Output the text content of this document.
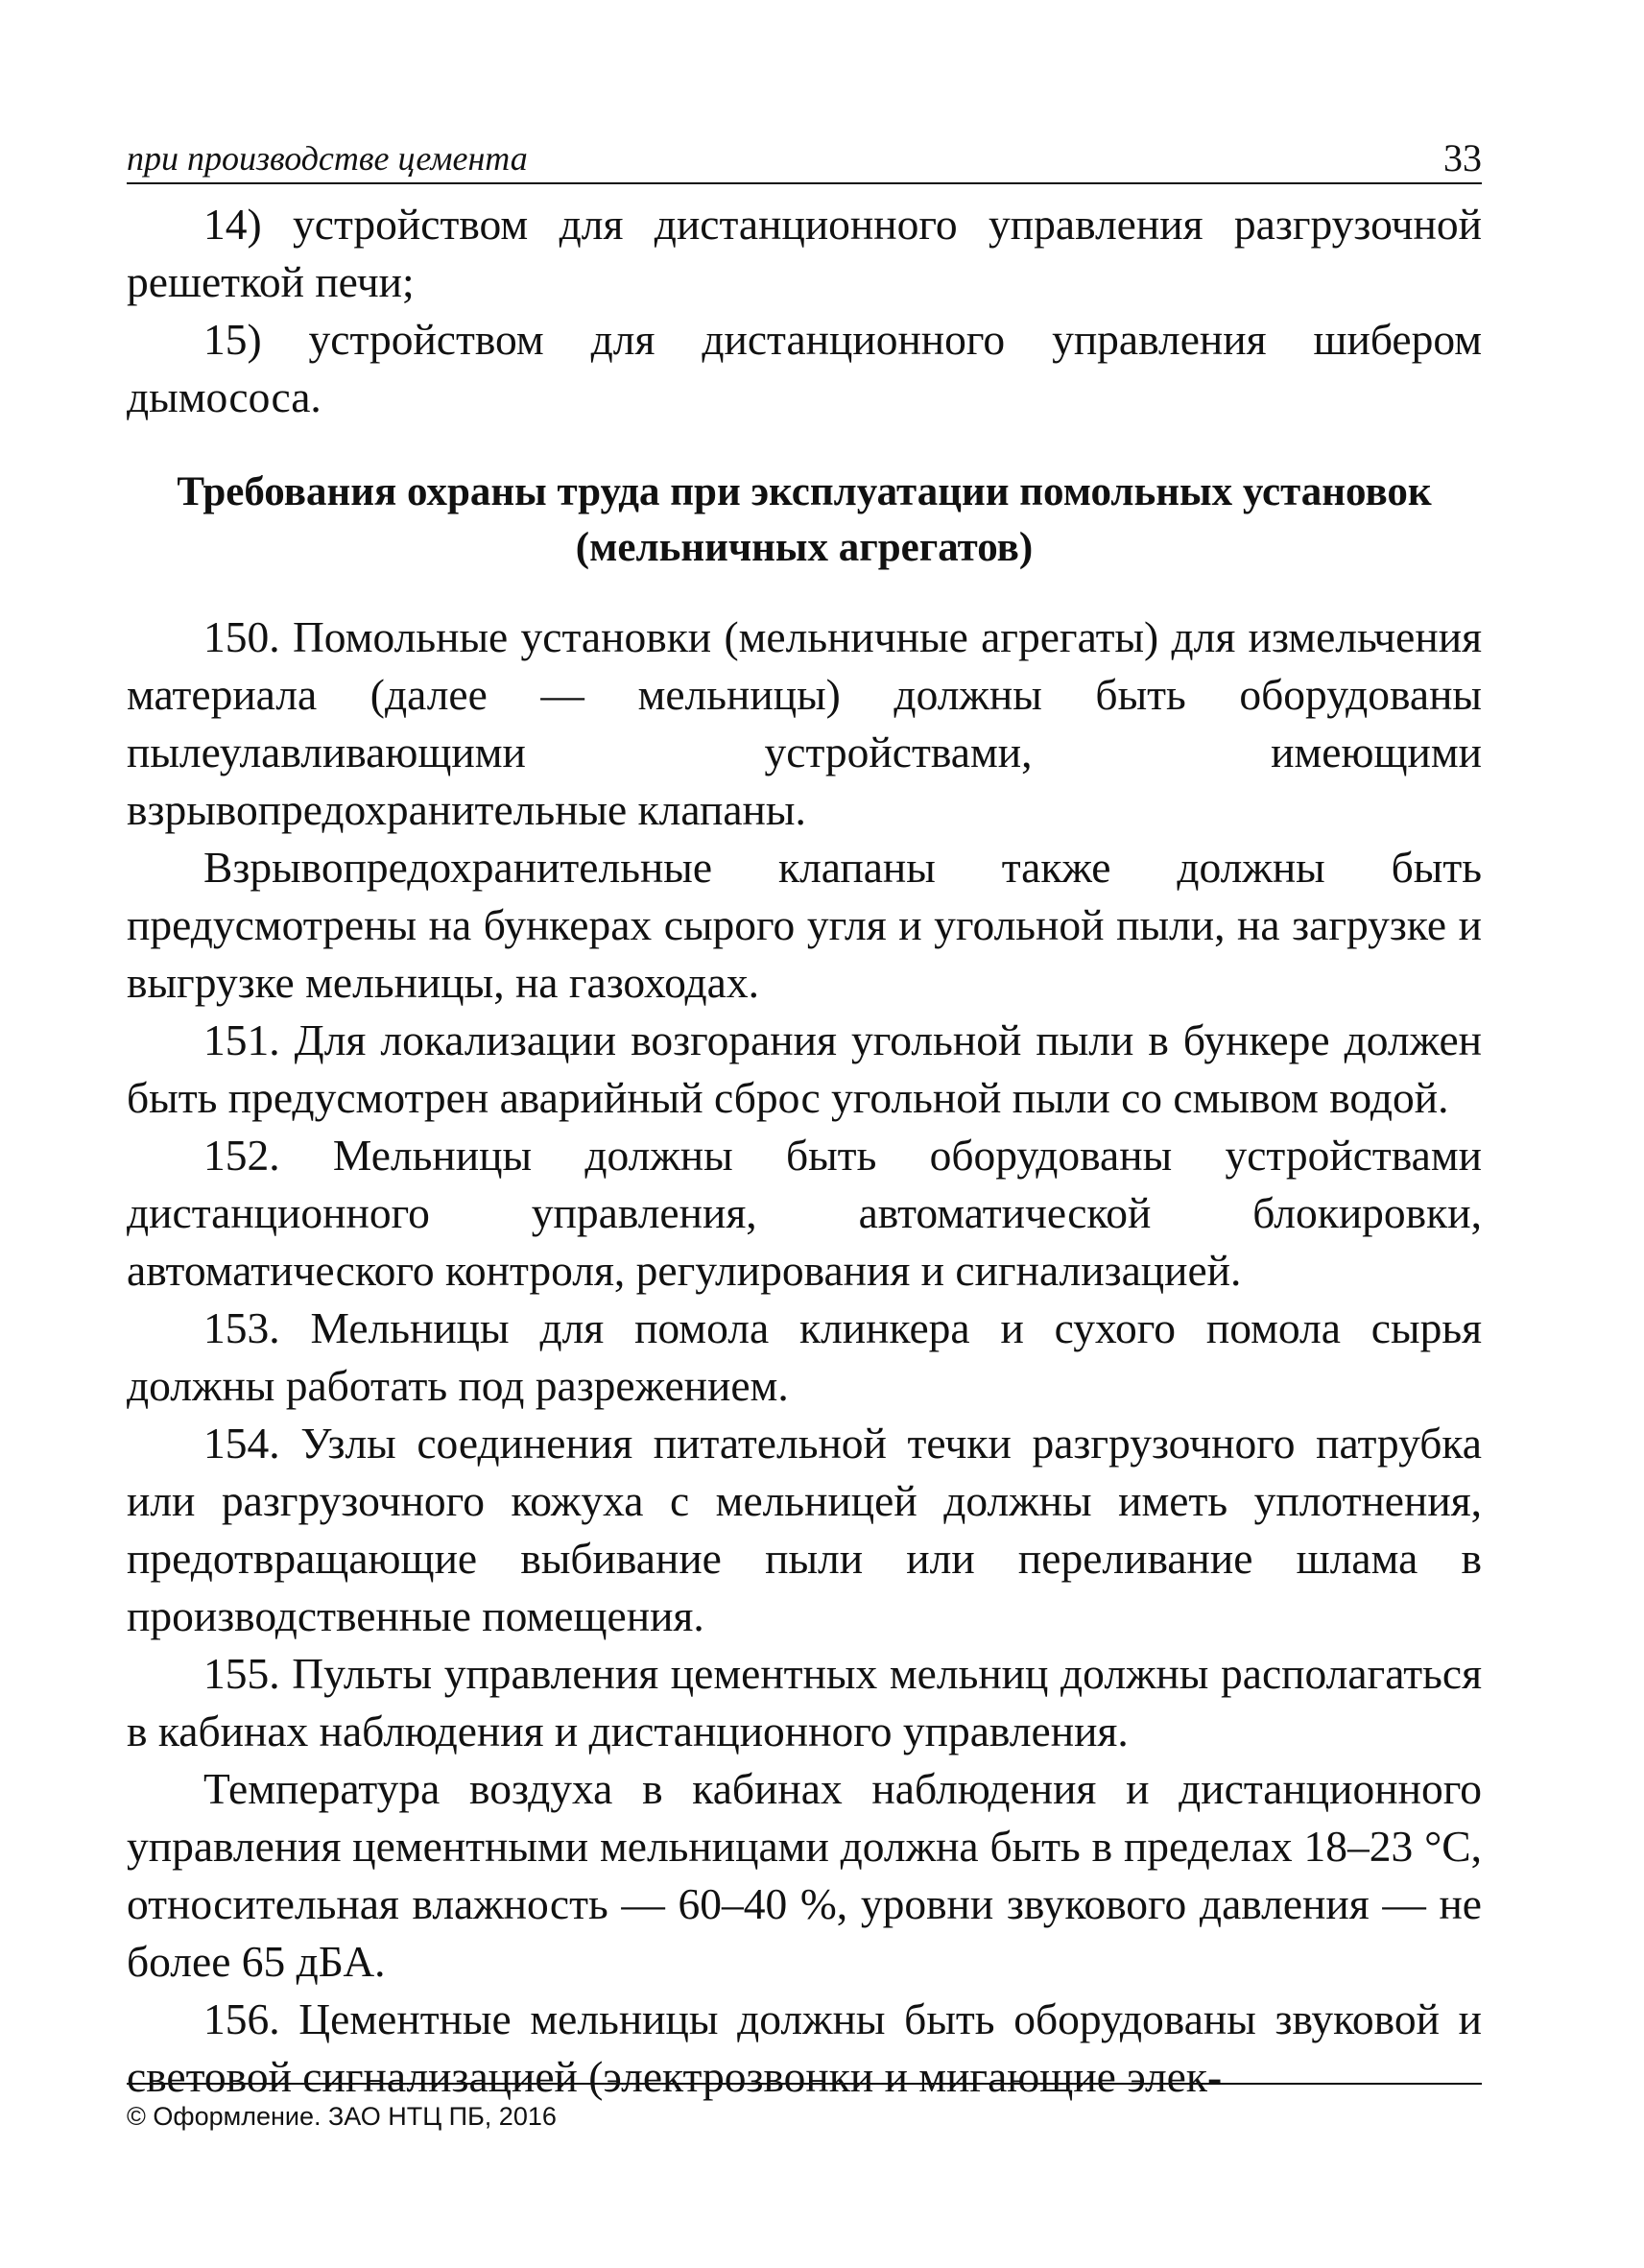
при производстве цемента	33

14) устройством для дистанционного управления разгрузочной решеткой печи;

15) устройством для дистанционного управления шибером дымососа.

Требования охраны труда при эксплуатации помольных установок
(мельничных агрегатов)

150. Помольные установки (мельничные агрегаты) для измельчения материала (далее — мельницы) должны быть оборудованы пылеулавливающими устройствами, имеющими взрывопредохранительные клапаны.

Взрывопредохранительные клапаны также должны быть предусмотрены на бункерах сырого угля и угольной пыли, на загрузке и выгрузке мельницы, на газоходах.

151. Для локализации возгорания угольной пыли в бункере должен быть предусмотрен аварийный сброс угольной пыли со смывом водой.

152. Мельницы должны быть оборудованы устройствами дистанционного управления, автоматической блокировки, автоматического контроля, регулирования и сигнализацией.

153. Мельницы для помола клинкера и сухого помола сырья должны работать под разрежением.

154. Узлы соединения питательной течки разгрузочного патрубка или разгрузочного кожуха с мельницей должны иметь уплотнения, предотвращающие выбивание пыли или переливание шлама в производственные помещения.

155. Пульты управления цементных мельниц должны располагаться в кабинах наблюдения и дистанционного управления.

Температура воздуха в кабинах наблюдения и дистанционного управления цементными мельницами должна быть в пределах 18–23 °С, относительная влажность — 60–40 %, уровни звукового давления — не более 65 дБА.

156. Цементные мельницы должны быть оборудованы звуковой и световой сигнализацией (электрозвонки и мигающие элек-

© Оформление. ЗАО НТЦ ПБ, 2016
